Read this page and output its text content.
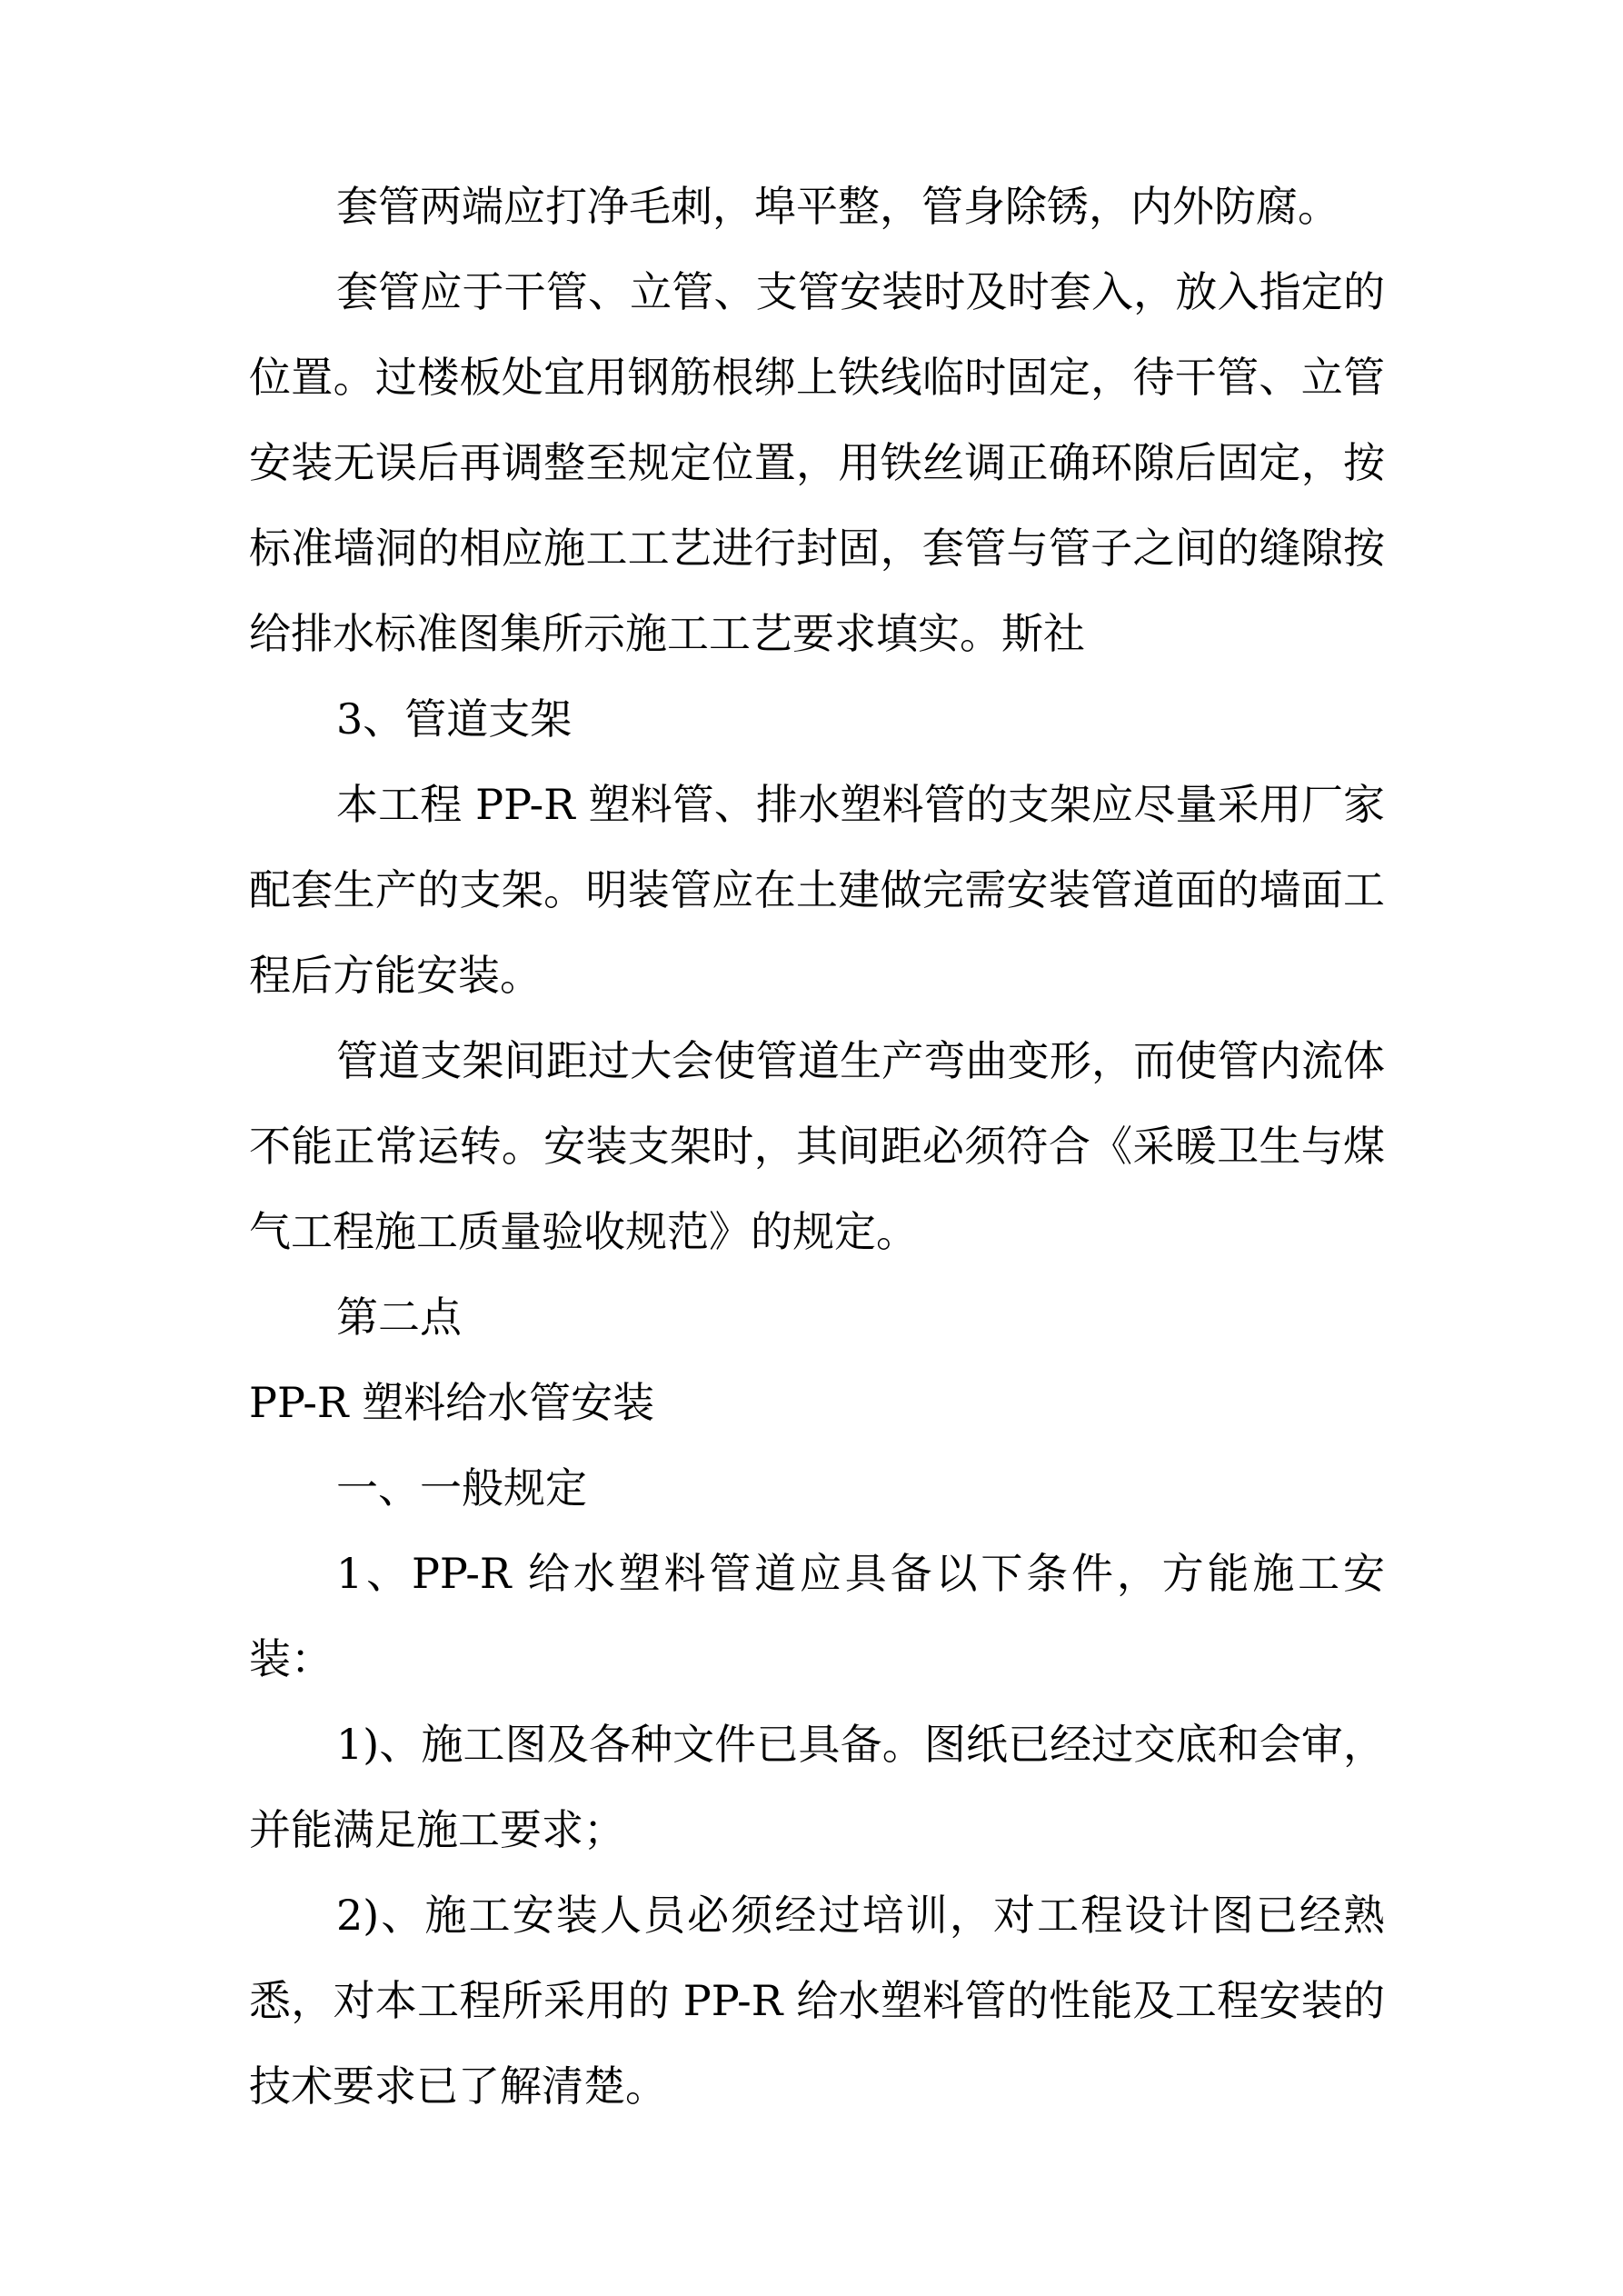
套管两端应打净毛刺，埠平整，管身除锈，内外防腐。

套管应于干管、立管、支管安装时及时套入，放入指定的位置。过楼板处宜用钢筋根绑上铁线临时固定，待干管、立管安装无误后再调整至规定位置，用铁丝调正确环隙后固定，按标准墙洞的相应施工工艺进行封固，套管与管子之间的缝隙按给排水标准图集所示施工工艺要求填实。斯社

3、管道支架

本工程 PP-R 塑料管、排水塑料管的支架应尽量采用厂家配套生产的支架。明装管应在土建做完需安装管道面的墙面工程后方能安装。

管道支架间距过大会使管道生产弯曲变形，而使管内流体不能正常运转。安装支架时，其间距必须符合《采暖卫生与煤气工程施工质量验收规范》的规定。

第二点

PP-R 塑料给水管安装

一、一般规定

1、PP-R 给水塑料管道应具备以下条件，方能施工安装：

1)、施工图及各种文件已具备。图纸已经过交底和会审，并能满足施工要求；

2)、施工安装人员必须经过培训，对工程设计图已经熟悉，对本工程所采用的 PP-R 给水塑料管的性能及工程安装的技术要求已了解清楚。
